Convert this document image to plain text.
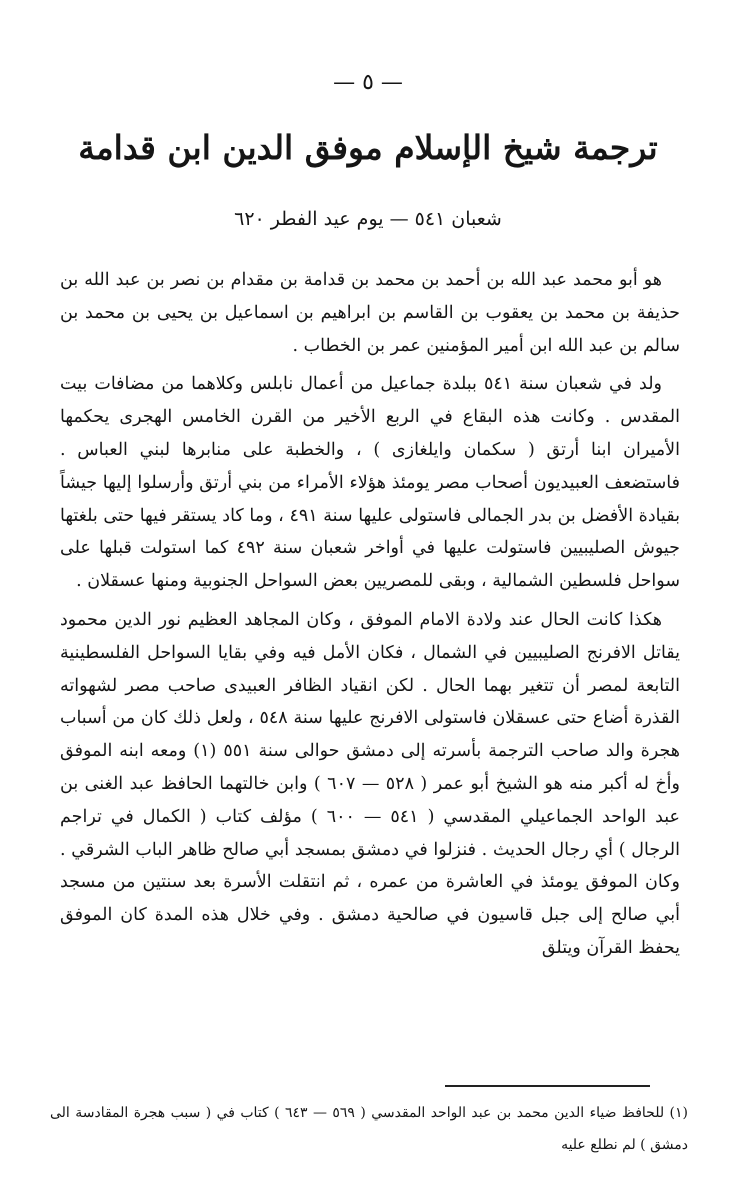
— ٥ —
ترجمة شيخ الإسلام موفق الدين ابن قدامة
شعبان ٥٤١ — يوم عيد الفطر ٦٢٠

هو أبو محمد عبد الله بن أحمد بن محمد بن قدامة بن مقدام بن نصر بن عبد الله بن حذيفة بن محمد بن يعقوب بن القاسم بن ابراهيم بن اسماعيل بن يحيى بن محمد بن سالم بن عبد الله ابن أمير المؤمنين عمر بن الخطاب .

ولد في شعبان سنة ٥٤١ ببلدة جماعيل من أعمال نابلس وكلاهما من مضافات بيت المقدس . وكانت هذه البقاع في الربع الأخير من القرن الخامس الهجرى يحكمها الأميران ابنا أرتق ( سكمان وايلغازى ) ، والخطبة على منابرها لبني العباس . فاستضعف العبيديون أصحاب مصر يومئذ هؤلاء الأمراء من بني أرتق وأرسلوا إليها جيشاً بقيادة الأفضل بن بدر الجمالى فاستولى عليها سنة ٤٩١ ، وما كاد يستقر فيها حتى بلغتها جيوش الصليبيين فاستولت عليها في أواخر شعبان سنة ٤٩٢ كما استولت قبلها على سواحل فلسطين الشمالية ، وبقى للمصريين بعض السواحل الجنوبية ومنها عسقلان .

هكذا كانت الحال عند ولادة الامام الموفق ، وكان المجاهد العظيم نور الدين محمود يقاتل الافرنج الصليبيين في الشمال ، فكان الأمل فيه وفي بقايا السواحل الفلسطينية التابعة لمصر أن تتغير بهما الحال . لكن انقياد الظافر العبيدى صاحب مصر لشهواته القذرة أضاع حتى عسقلان فاستولى الافرنج عليها سنة ٥٤٨ ، ولعل ذلك كان من أسباب هجرة والد صاحب الترجمة بأسرته إلى دمشق حوالى سنة ٥٥١ (١) ومعه ابنه الموفق وأخ له أكبر منه هو الشيخ أبو عمر ( ٥٢٨ — ٦٠٧ ) وابن خالتهما الحافظ عبد الغنى بن عبد الواحد الجماعيلي المقدسي ( ٥٤١ — ٦٠٠ ) مؤلف كتاب ( الكمال في تراجم الرجال ) أي رجال الحديث . فنزلوا في دمشق بمسجد أبي صالح ظاهر الباب الشرقي . وكان الموفق يومئذ في العاشرة من عمره ، ثم انتقلت الأسرة بعد سنتين من مسجد أبي صالح إلى جبل قاسيون في صالحية دمشق . وفي خلال هذه المدة كان الموفق يحفظ القرآن ويتلق

(١) للحافظ ضياء الدين محمد بن عبد الواحد المقدسي ( ٥٦٩ — ٦٤٣ ) كتاب في ( سبب هجرة المقادسة الى دمشق ) لم نطلع عليه
